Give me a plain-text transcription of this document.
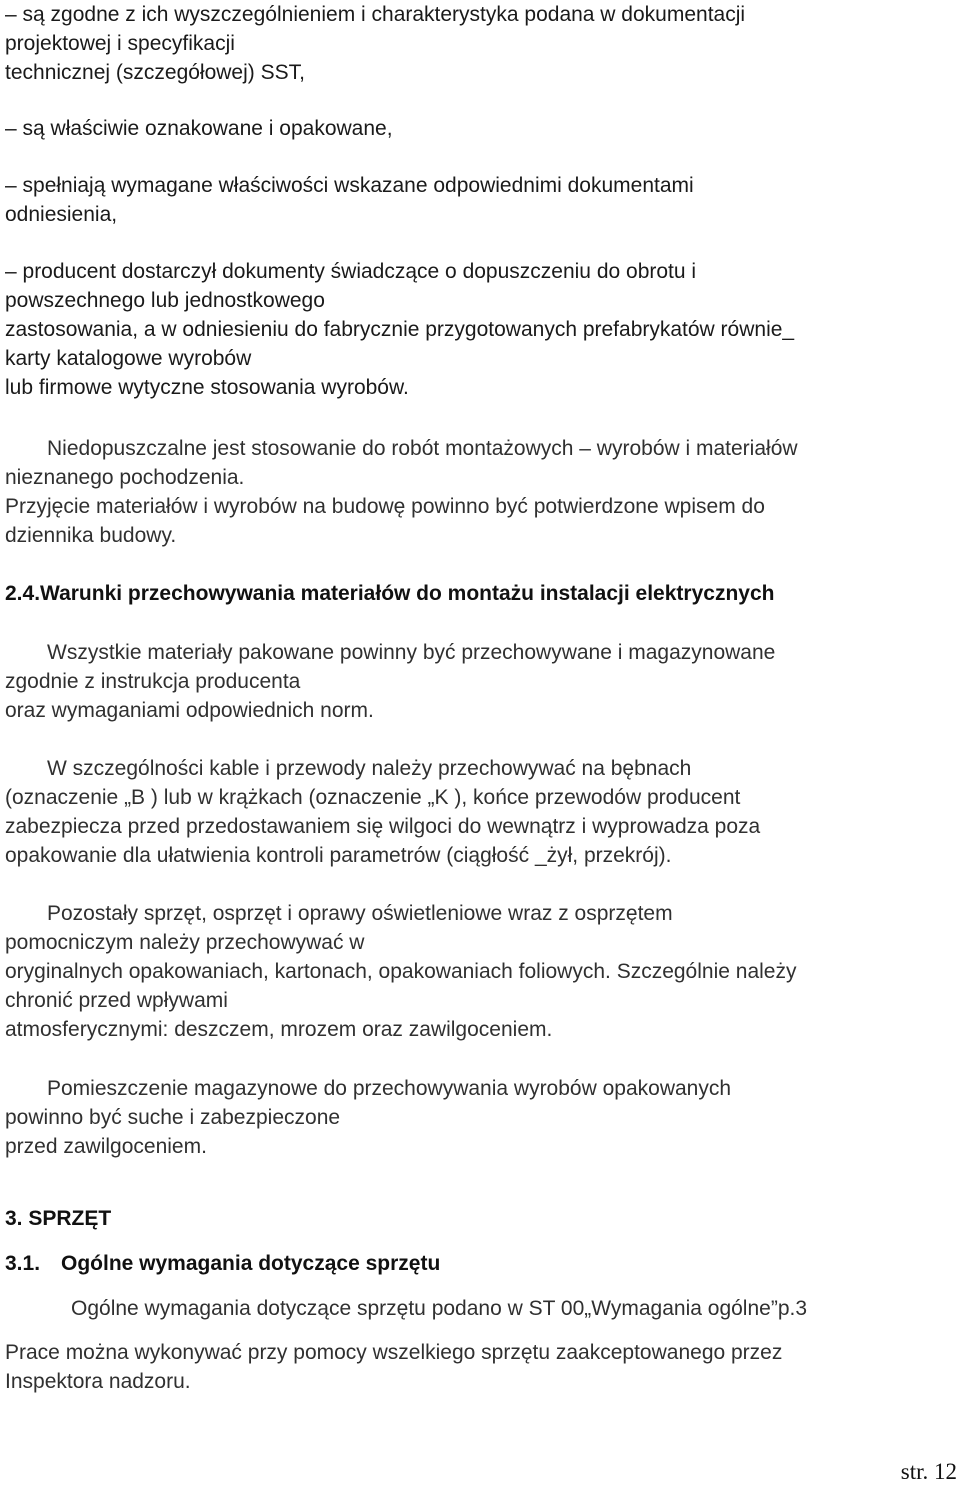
– są zgodne z ich wyszczególnieniem i charakterystyka podana w dokumentacji
projektowej i specyfikacji
technicznej (szczegółowej) SST,
– są właściwie oznakowane i opakowane,
– spełniają wymagane właściwości wskazane odpowiednimi dokumentami
odniesienia,
– producent dostarczył dokumenty świadczące o dopuszczeniu do obrotu i
powszechnego lub jednostkowego
zastosowania, a w odniesieniu do fabrycznie przygotowanych prefabrykatów równie_
karty katalogowe wyrobów
lub firmowe wytyczne stosowania wyrobów.
Niedopuszczalne jest stosowanie do robót montażowych – wyrobów i materiałów
nieznanego pochodzenia.
Przyjęcie materiałów i wyrobów na budowę powinno być potwierdzone wpisem do
dziennika budowy.
2.4.Warunki przechowywania materiałów do montażu instalacji elektrycznych
Wszystkie materiały pakowane powinny być przechowywane i magazynowane
zgodnie z instrukcja producenta
oraz wymaganiami odpowiednich norm.
W szczególności kable i przewody należy przechowywać na bębnach
(oznaczenie „B ) lub w krążkach (oznaczenie „K ), końce przewodów producent
zabezpiecza przed przedostawaniem się wilgoci do wewnątrz i wyprowadza poza
opakowanie dla ułatwienia kontroli parametrów (ciągłość _żył, przekrój).
Pozostały sprzęt, osprzęt i oprawy oświetleniowe wraz z osprzętem
pomocniczym należy przechowywać w
oryginalnych opakowaniach, kartonach, opakowaniach foliowych. Szczególnie należy
chronić przed wpływami
atmosferycznymi: deszczem, mrozem oraz zawilgoceniem.
Pomieszczenie magazynowe do przechowywania wyrobów opakowanych
powinno być suche i zabezpieczone
przed zawilgoceniem.
3. SPRZĘT
3.1. Ogólne wymagania dotyczące sprzętu
Ogólne wymagania dotyczące sprzętu podano w ST 00„Wymagania ogólne”p.3
Prace można wykonywać przy pomocy wszelkiego sprzętu zaakceptowanego przez
Inspektora nadzoru.
str. 12
